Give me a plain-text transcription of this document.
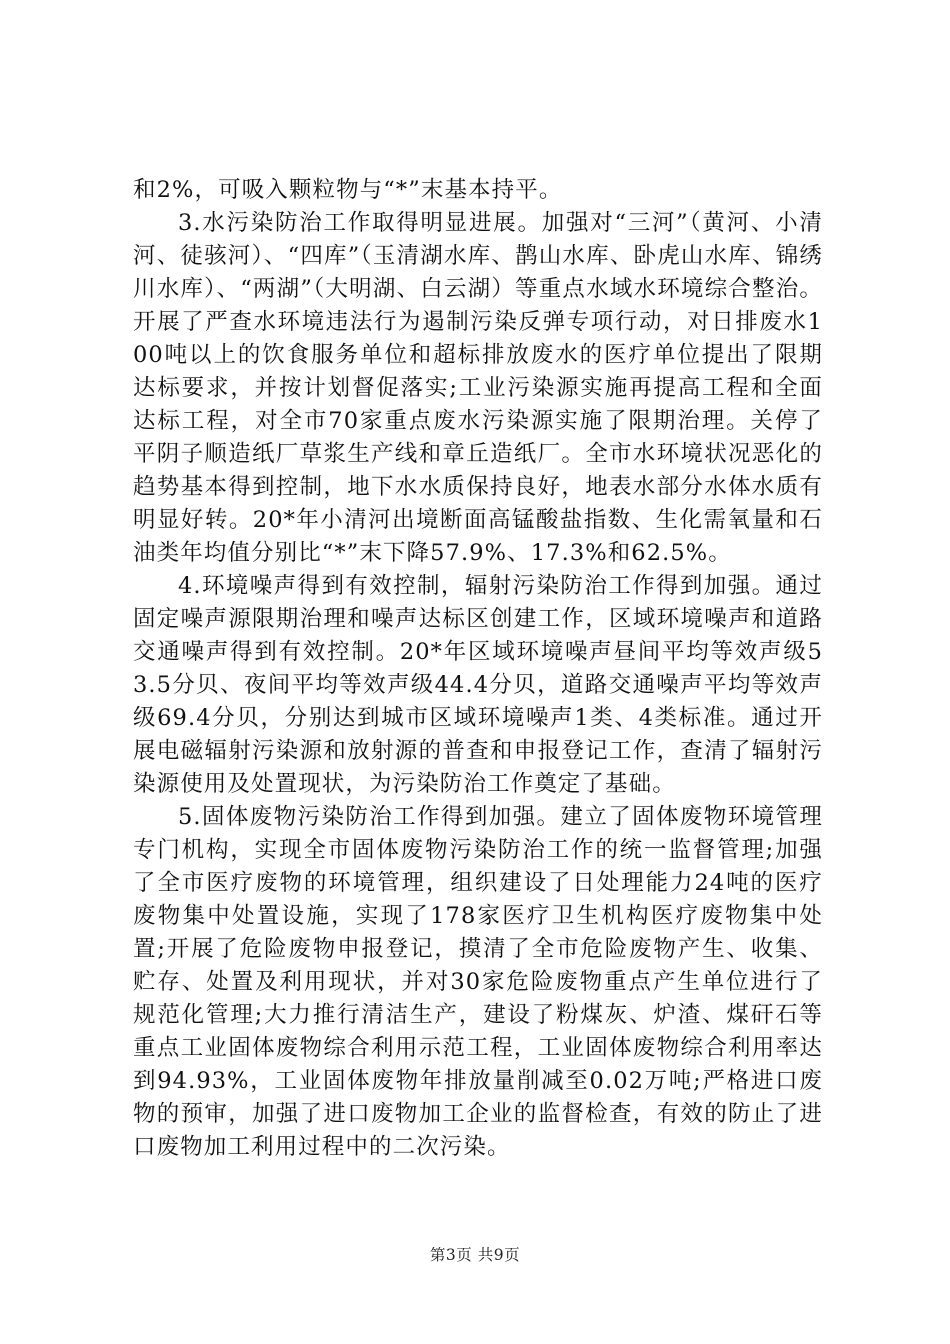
和2%，可吸入颗粒物与“*”末基本持平。

3.水污染防治工作取得明显进展。加强对“三河”（黄河、小清河、徒骇河）、“四库”（玉清湖水库、鹊山水库、卧虎山水库、锦绣川水库）、“两湖”（大明湖、白云湖）等重点水域水环境综合整治。开展了严查水环境违法行为遏制污染反弹专项行动，对日排废水100吨以上的饮食服务单位和超标排放废水的医疗单位提出了限期达标要求，并按计划督促落实;工业污染源实施再提高工程和全面达标工程，对全市70家重点废水污染源实施了限期治理。关停了平阴子顺造纸厂草浆生产线和章丘造纸厂。全市水环境状况恶化的趋势基本得到控制，地下水水质保持良好，地表水部分水体水质有明显好转。20*年小清河出境断面高锰酸盐指数、生化需氧量和石油类年均值分别比“*”末下降57.9%、17.3%和62.5%。

4.环境噪声得到有效控制，辐射污染防治工作得到加强。通过固定噪声源限期治理和噪声达标区创建工作，区域环境噪声和道路交通噪声得到有效控制。20*年区域环境噪声昼间平均等效声级53.5分贝、夜间平均等效声级44.4分贝，道路交通噪声平均等效声级69.4分贝，分别达到城市区域环境噪声1类、4类标准。通过开展电磁辐射污染源和放射源的普查和申报登记工作，查清了辐射污染源使用及处置现状，为污染防治工作奠定了基础。

5.固体废物污染防治工作得到加强。建立了固体废物环境管理专门机构，实现全市固体废物污染防治工作的统一监督管理;加强了全市医疗废物的环境管理，组织建设了日处理能力24吨的医疗废物集中处置设施，实现了178家医疗卫生机构医疗废物集中处置;开展了危险废物申报登记，摸清了全市危险废物产生、收集、贮存、处置及利用现状，并对30家危险废物重点产生单位进行了规范化管理;大力推行清洁生产，建设了粉煤灰、炉渣、煤矸石等重点工业固体废物综合利用示范工程，工业固体废物综合利用率达到94.93%，工业固体废物年排放量削减至0.02万吨;严格进口废物的预审，加强了进口废物加工企业的监督检查，有效的防止了进口废物加工利用过程中的二次污染。

第3页 共9页
